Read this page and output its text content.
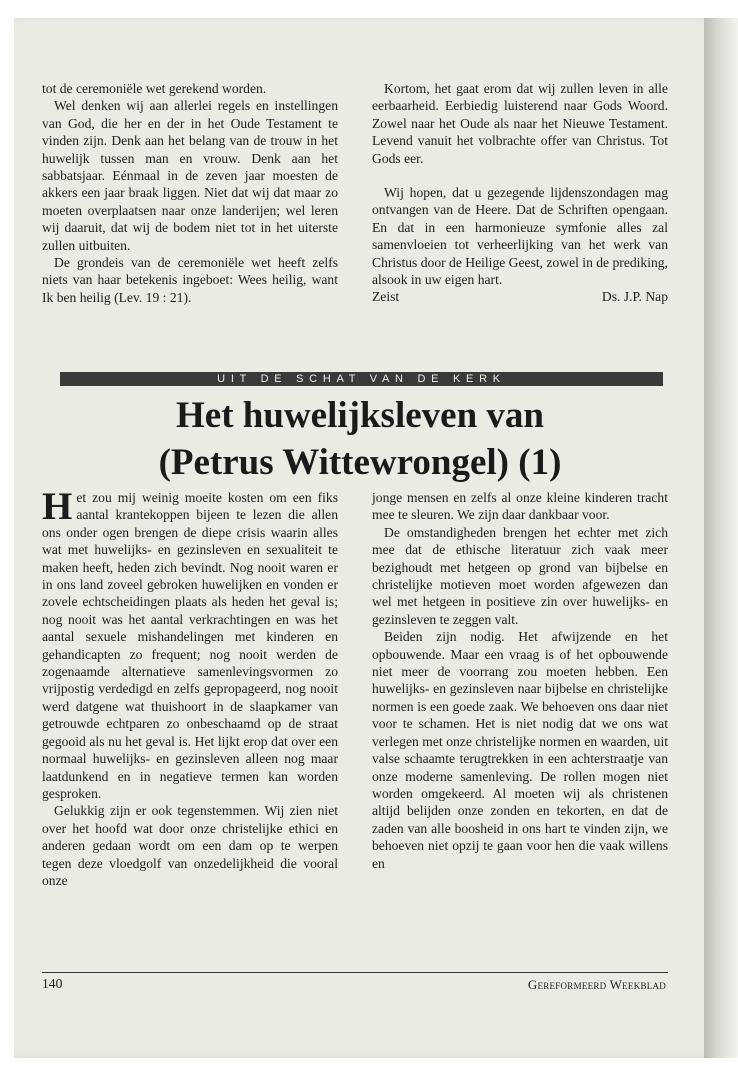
tot de ceremoniële wet gerekend worden.

Wel denken wij aan allerlei regels en instellingen van God, die her en der in het Oude Testament te vinden zijn. Denk aan het belang van de trouw in het huwelijk tussen man en vrouw. Denk aan het sabbatsjaar. Eénmaal in de zeven jaar moesten de akkers een jaar braak liggen. Niet dat wij dat maar zo moeten overplaatsen naar onze landerijen; wel leren wij daaruit, dat wij de bodem niet tot in het uiterste zullen uitbuiten.

De grondeis van de ceremoniële wet heeft zelfs niets van haar betekenis ingeboet: Wees heilig, want Ik ben heilig (Lev. 19 : 21).

Kortom, het gaat erom dat wij zullen leven in alle eerbaarheid. Eerbiedig luisterend naar Gods Woord. Zowel naar het Oude als naar het Nieuwe Testament. Levend vanuit het volbrachte offer van Christus. Tot Gods eer.

Wij hopen, dat u gezegende lijdenszondagen mag ontvangen van de Heere. Dat de Schriften opengaan. En dat in een harmonieuze symfonie alles zal samenvloeien tot verheerlijking van het werk van Christus door de Heilige Geest, zowel in de prediking, alsook in uw eigen hart.

Zeist	Ds. J.P. Nap
UIT DE SCHAT VAN DE KERK
Het huwelijksleven van
(Petrus Wittewrongel) (1)

Het zou mij weinig moeite kosten om een fiks aantal krantekoppen bijeen te lezen die allen ons onder ogen brengen de diepe crisis waarin alles wat met huwelijks- en gezinsleven en sexualiteit te maken heeft, heden zich bevindt. Nog nooit waren er in ons land zoveel gebroken huwelijken en vonden er zovele echtscheidingen plaats als heden het geval is; nog nooit was het aantal verkrachtingen en was het aantal sexuele mishandelingen met kinderen en gehandicapten zo frequent; nog nooit werden de zogenaamde alternatieve samenlevingsvormen zo vrijpostig verdedigd en zelfs gepropageerd, nog nooit werd datgene wat thuishoort in de slaapkamer van getrouwde echtparen zo onbeschaamd op de straat gegooid als nu het geval is. Het lijkt erop dat over een normaal huwelijks- en gezinsleven alleen nog maar laatdunkend en in negatieve termen kan worden gesproken.

Gelukkig zijn er ook tegenstemmen. Wij zien niet over het hoofd wat door onze christelijke ethici en anderen gedaan wordt om een dam op te werpen tegen deze vloedgolf van onzedelijkheid die vooral onze

jonge mensen en zelfs al onze kleine kinderen tracht mee te sleuren. We zijn daar dankbaar voor.

De omstandigheden brengen het echter met zich mee dat de ethische literatuur zich vaak meer bezighoudt met hetgeen op grond van bijbelse en christelijke motieven moet worden afgewezen dan wel met hetgeen in positieve zin over huwelijks- en gezinsleven te zeggen valt.

Beiden zijn nodig. Het afwijzende en het opbouwende. Maar een vraag is of het opbouwende niet meer de voorrang zou moeten hebben. Een huwelijks- en gezinsleven naar bijbelse en christelijke normen is een goede zaak. We behoeven ons daar niet voor te schamen. Het is niet nodig dat we ons wat verlegen met onze christelijke normen en waarden, uit valse schaamte terugtrekken in een achterstraatje van onze moderne samenleving. De rollen mogen niet worden omgekeerd. Al moeten wij als christenen altijd belijden onze zonden en tekorten, en dat de zaden van alle boosheid in ons hart te vinden zijn, we behoeven niet opzij te gaan voor hen die vaak willens en

140	Gereformeerd Weekblad
